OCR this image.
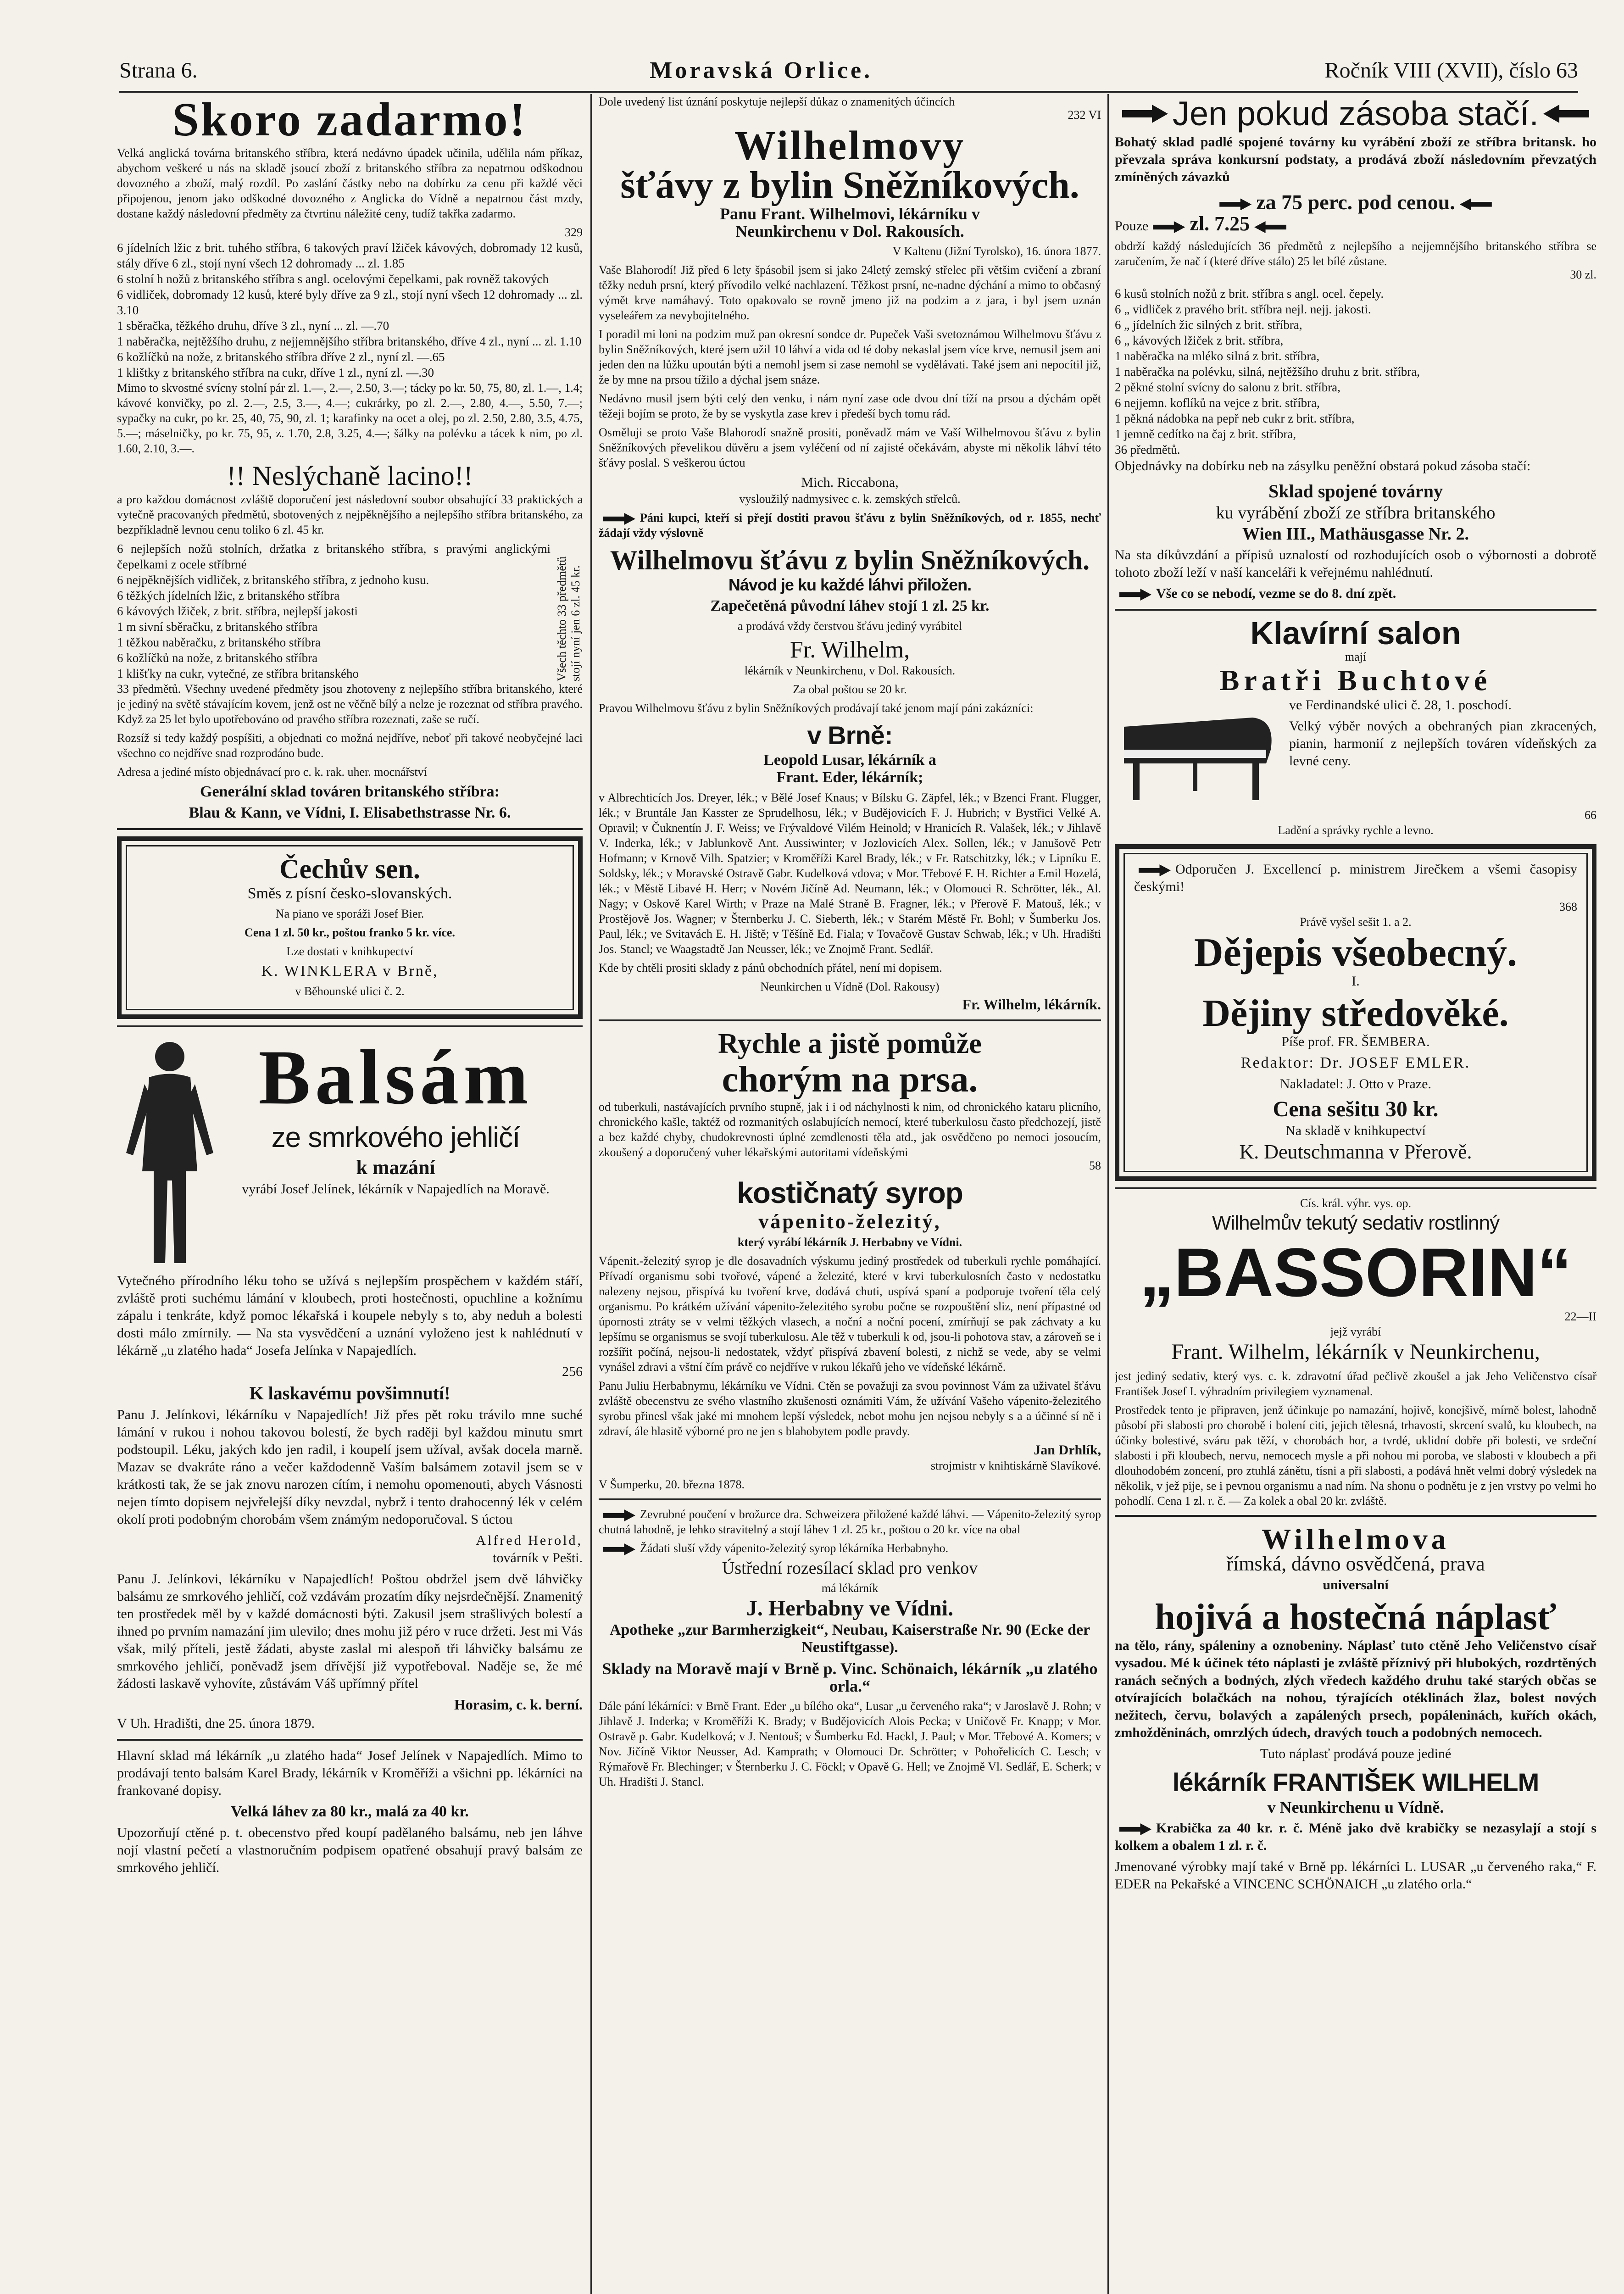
Strana 6.	Moravská Orlice.	Ročník VIII (XVII), číslo 63
Skoro zadarmo!

Velká anglická továrna britanského stříbra, která nedávno úpadek učinila, udělila nám příkaz, abychom veškeré u nás na skladě jsoucí zboží z britanského stříbra za nepatrnou odškodnou dovozného a zboží, malý rozdíl. Po zaslání částky nebo na dobírku za cenu při každé věci připojenou, jenom jako odškodné dovozného z Anglicka do Vídně a nepatrnou část mzdy, dostane každý následovní předměty za čtvrtinu náležité ceny, tudíž takřka zadarmo.

329

6 jídelních lžic z brit. tuhého stříbra, 6 takových praví lžiček kávových, dobromady 12 kusů, stály dříve 6 zl., stojí nyní všech 12 dohromady ... zl. 1.85
6 stolní h nožů z britanského stříbra s angl. ocelovými čepelkami, pak rovněž takových
6 vidliček, dobromady 12 kusů, které byly dříve za 9 zl., stojí nyní všech 12 dohromady ... zl. 3.10
1 sběračka, těžkého druhu, dříve 3 zl., nyní ... zl. —.70
1 naběračka, nejtěžšího druhu, z nejjemnějšího stříbra britanského, dříve 4 zl., nyní ... zl. 1.10
6 kožlíčků na nože, z britanského stříbra dříve 2 zl., nyní zl. —.65
1 klištky z britanského stříbra na cukr, dříve 1 zl., nyní zl. —.30

Mimo to skvostné svícny stolní pár zl. 1.—, 2.—, 2.50, 3.—; tácky po kr. 50, 75, 80, zl. 1.—, 1.4; kávové konvičky, po zl. 2.—, 2.5, 3.—, 4.—; cukrárky, po zl. 2.—, 2.80, 4.—, 5.50, 7.—; sypačky na cukr, po kr. 25, 40, 75, 90, zl. 1; karafinky na ocet a olej, po zl. 2.50, 2.80, 3.5, 4.75, 5.—; máselničky, po kr. 75, 95, z. 1.70, 2.8, 3.25, 4.—; šálky na polévku a tácek k nim, po zl. 1.60, 2.10, 3.—.

!! Neslýchaně lacino!!

a pro každou domácnost zvláště doporučení jest následovní soubor obsahující 33 praktických a vytečně pracovaných předmětů, sbotovených z nejpěknějšího a nejlepšího stříbra britanského, za bezpříkladně levnou cenu toliko 6 zl. 45 kr.

6 nejlepších nožů stolních, držatka z britanského stříbra, s pravými anglickými čepelkami z ocele stříbrné
6 nejpěknějších vidliček, z britanského stříbra, z jednoho kusu.
6 těžkých jídelních lžic, z britanského stříbra
6 kávových lžiček, z brit. stříbra, nejlepší jakosti
1 m sivní sběračku, z britanského stříbra
1 těžkou naběračku, z britanského stříbra
6 kožlíčků na nože, z britanského stříbra
1 klišťky na cukr, vytečné, ze stříbra britanského	Všech těchto 33 předmětů stojí nyní jen 6 zl. 45 kr.

33 předmětů. Všechny uvedené předměty jsou zhotoveny z nejlepšího stříbra britanského, které je jediný na světě stávajícím kovem, jenž ost ne věčně bílý a nelze je rozeznat od stříbra pravého. Když za 25 let bylo upotřebováno od pravého stříbra rozeznati, zaše se ručí.

Rozsíž si tedy každý pospíšiti, a objednati co možná nejdříve, neboť při takové neobyčejné laci všechno co nejdříve snad rozprodáno bude.

Adresa a jediné místo objednávací pro c. k. rak. uher. mocnářství

Generální sklad továren britanského stříbra:

Blau & Kann, ve Vídni, I. Elisabethstrasse Nr. 6.

Čechův sen.

Směs z písní česko-slovanských.

Na piano ve sporáži Josef Bier.

Cena 1 zl. 50 kr., poštou franko 5 kr. více.

Lze dostati v knihkupectví

K. WINKLERA v Brně,

v Běhounské ulici č. 2.

Balsám

ze smrkového jehličí

k mazání

vyrábí Josef Jelínek, lékárník v Napajedlích na Moravě.

Vytečného přírodního léku toho se užívá s nejlepším prospěchem v každém stáří, zvláště proti suchému lámání v kloubech, proti hostečnosti, opuchline a kožnímu zápalu i tenkráte, když pomoc lékařská i koupele nebyly s to, aby neduh a bolesti dosti málo zmírnily. — Na sta vysvědčení a uznání vyloženo jest k nahlédnutí v lékárně „u zlatého hada“ Josefa Jelínka v Napajedlích.

256

K laskavému povšimnutí!

Panu J. Jelínkovi, lékárníku v Napajedlích! Již přes pět roku trávilo mne suché lámání v rukou i nohou takovou bolestí, že bych raději byl každou minutu smrt podstoupil. Léku, jakých kdo jen radil, i koupelí jsem užíval, avšak docela marně. Mazav se dvakráte ráno a večer každodenně Vaším balsámem zotavil jsem se v krátkosti tak, že se jak znovu narozen cítím, i nemohu opomenouti, abych Vásnosti nejen tímto dopisem nejvřelejší díky nevzdal, nybrž i tento drahocenný lék v celém okolí proti podobným chorobám všem známým nedoporučoval. S úctou

Alfred Herold,

továrník v Pešti.

Panu J. Jelínkovi, lékárníku v Napajedlích! Poštou obdržel jsem dvě láhvičky balsámu ze smrkového jehličí, což vzdávám prozatím díky nejsrdečnější. Znamenitý ten prostředek měl by v každé domácnosti býti. Zakusil jsem strašlivých bolestí a ihned po prvním namazání jim ulevilo; dnes mohu již péro v ruce držeti. Jest mi Vás však, milý příteli, jestě žádati, abyste zaslal mi alespoň tři láhvičky balsámu ze smrkového jehličí, poněvadž jsem dřívější již vypotřeboval. Naděje se, že mé žádosti laskavě vyhovíte, zůstávám Váš upřímný přítel

Horasim, c. k. berní.

V Uh. Hradišti, dne 25. února 1879.

Hlavní sklad má lékárník „u zlatého hada“ Josef Jelínek v Napajedlích. Mimo to prodávají tento balsám Karel Brady, lékárník v Kroměříži a všichni pp. lékárníci na frankované dopisy.

Velká láhev za 80 kr., malá za 40 kr.

Upozorňují ctěné p. t. obecenstvo před koupí padělaného balsámu, neb jen láhve nojí vlastní pečetí a vlastnoručním podpisem opatřené obsahují pravý balsám ze smrkového jehličí.

Dole uvedený list úznání poskytuje nejlepší důkaz o znamenitých účincích

232 VI

Wilhelmovy
šťávy z bylin Sněžníkových.

Panu Frant. Wilhelmovi, lékárníku v

Neunkirchenu v Dol. Rakousích.

V Kaltenu (Jižní Tyrolsko), 16. února 1877.

Vaše Blahorodí! Již před 6 lety špásobil jsem si jako 24letý zemský střelec při většim cvičení a zbraní těžky neduh prsní, který přívodilo velké nachlazení. Těžkost prsní, ne-nadne dýchání a mimo to občasný výmět krve namáhavý. Toto opakovalo se rovně jmeno již na podzim a z jara, i byl jsem uznán vyseleářem za nevybojitelného.

I poradil mi loni na podzim muž pan okresní sondce dr. Pupeček Vaši svetoznámou Wilhelmovu šťávu z bylin Sněžníkových, které jsem užil 10 láhví a vida od té doby nekaslal jsem více krve, nemusil jsem ani jeden den na lůžku upoután býti a nemohl jsem si zase nemohl se vydělávati. Také jsem ani nepocítil již, že by mne na prsou tížilo a dýchal jsem snáze.

Nedávno musil jsem býti celý den venku, i nám nyní zase ode dvou dní tíží na prsou a dýchám opět těžeji bojím se proto, že by se vyskytla zase krev i předeší bych tomu rád.

Osměluji se proto Vaše Blahorodí snažně prositi, poněvadž mám ve Vaší Wilhelmovou šťávu z bylin Sněžníkových převelikou důvěru a jsem vyléčení od ní zajisté očekávám, abyste mi několik láhví této šťávy poslal. S veškerou úctou

Mich. Riccabona,

vysloužilý nadmysivec c. k. zemských střelců.

Páni kupci, kteří si přejí dostiti pravou šťávu z bylin Sněžníkových, od r. 1855, nechť žádají vždy výslovně

Wilhelmovu šťávu z bylin Sněžníkových.

Návod je ku každé láhvi přiložen.

Zapečetěná původní láhev stojí 1 zl. 25 kr.

a prodává vždy čerstvou šťávu jediný vyrábitel

Fr. Wilhelm,

lékárník v Neunkirchenu, v Dol. Rakousích.

Za obal poštou se 20 kr.

Pravou Wilhelmovu šťávu z bylin Sněžníkových prodávají také jenom mají páni zakázníci:

v Brně:

Leopold Lusar, lékárník a

Frant. Eder, lékárník;

v Albrechticích Jos. Dreyer, lék.; v Bělé Josef Knaus; v Bílsku G. Zäpfel, lék.; v Bzenci Frant. Flugger, lék.; v Bruntále Jan Kasster ze Sprudelhosu, lék.; v Budějovicích F. J. Hubrich; v Bystřici Velké A. Opravil; v Čuknentín J. F. Weiss; ve Frývaldové Vilém Heinold; v Hranicích R. Valašek, lék.; v Jihlavě V. Inderka, lék.; v Jablunkově Ant. Aussiwinter; v Jozlovicích Alex. Sollen, lék.; v Janušově Petr Hofmann; v Krnově Vilh. Spatzier; v Kroměříži Karel Brady, lék.; v Fr. Ratschitzky, lék.; v Lipníku E. Soldsky, lék.; v Moravské Ostravě Gabr. Kudelková vdova; v Mor. Třebové F. H. Richter a Emil Hozelá, lék.; v Městě Libavé H. Herr; v Novém Jičíně Ad. Neumann, lék.; v Olomouci R. Schrötter, lék., Al. Nagy; v Oskově Karel Wirth; v Praze na Malé Straně B. Fragner, lék.; v Přerově F. Matouš, lék.; v Prostějově Jos. Wagner; v Šternberku J. C. Sieberth, lék.; v Starém Městě Fr. Bohl; v Šumberku Jos. Paul, lék.; ve Svitavách E. H. Jiště; v Těšíně Ed. Fiala; v Tovačově Gustav Schwab, lék.; v Uh. Hradišti Jos. Stancl; ve Waagstadtě Jan Neusser, lék.; ve Znojmě Frant. Sedlář.

Kde by chtěli prositi sklady z pánů obchodních přátel, není mi dopisem.

Neunkirchen u Vídně (Dol. Rakousy)

Fr. Wilhelm, lékárník.

Rychle a jistě pomůže
chorým na prsa.

od tuberkuli, nastávajících prvního stupně, jak i i od náchylnosti k nim, od chronického kataru plicního, chronického kašle, taktéž od rozmanitých oslabujících nemocí, které tuberkulosu často předchozejí, jistě a bez každé chyby, chudokrevnosti úplné zemdlenosti těla atd., jak osvědčeno po nemoci josoucím, zkoušený a doporučený vuher lékařskými autoritami vídeňskými

58

kostičnatý syrop

vápenito-železitý,

který vyrábí lékárník J. Herbabny ve Vídni.

Vápenit.-železitý syrop je dle dosavadních výskumu jediný prostředek od tuberkuli rychle pomáhající. Přívadí organismu sobi tvořové, vápené a železité, které v krvi tuberkulosních často v nedostatku nalezeny nejsou, přispívá ku tvoření krve, dodává chuti, uspívá spaní a podporuje tvoření těla celý organismu. Po krátkém užívání vápenito-železitého syrobu počne se rozpouštění sliz, není přípastné od úpornosti ztráty se v velmi těžkých vlasech, a noční a noční pocení, zmírňují se pak záchvaty a ku lepšímu se organismus se svojí tuberkulosu. Ale těž v tuberkuli k od, jsou-li pohotova stav, a zároveň se i rozšířit počíná, nejsou-li nedostatek, vždyť přispívá zbavení bolesti, z nichž se vede, aby se velmi vynášel zdravi a vštní čím právě co nejdříve v rukou lékařů jeho ve vídeňské lékárně.

Panu Juliu Herbabnymu, lékárníku ve Vídni. Ctěn se považuji za svou povinnost Vám za uživatel šťávu zvláště obecenstvu ze svého vlastního zkušenosti oznámiti Vám, že užívání Vašeho vápenito-železitého syrobu přinesl však jaké mi mnohem lepší výsledek, nebot mohu jen nejsou nebyly s a a účinné sí ně i zdraví, ále hlasitě výborné pro ne jen s blahobytem podle pravdy.

Jan Drhlík,

strojmistr v knihtiskárně Slavíkové.

V Šumperku, 20. března 1878.

Zevrubné poučení v brožurce dra. Schweizera přiložené každé láhvi. — Vápenito-železitý syrop chutná lahodně, je lehko stravitelný a stojí láhev 1 zl. 25 kr., poštou o 20 kr. více na obal

Žádati sluší vždy vápenito-železitý syrop lékárníka Herbabnyho.

Ústřední rozesílací sklad pro venkov

má lékárník

J. Herbabny ve Vídni.

Apotheke „zur Barmherzigkeit“, Neubau, Kaiserstraße Nr. 90 (Ecke der Neustiftgasse).

Sklady na Moravě mají v Brně p. Vinc. Schönaich, lékárník „u zlatého orla.“

Dále pání lékárníci: v Brně Frant. Eder „u bílého oka“, Lusar „u červeného raka“; v Jaroslavě J. Rohn; v Jihlavě J. Inderka; v Kroměříži K. Brady; v Budějovicích Alois Pecka; v Uničově Fr. Knapp; v Mor. Ostravě p. Gabr. Kudelková; v J. Nentouš; v Šumberku Ed. Hackl, J. Paul; v Mor. Třebové A. Komers; v Nov. Jičíně Viktor Neusser, Ad. Kamprath; v Olomouci Dr. Schrötter; v Pohořelicích C. Lesch; v Rýmařově Fr. Blechinger; v Šternberku J. C. Föckl; v Opavě G. Hell; ve Znojmě Vl. Sedlář, E. Scherk; v Uh. Hradišti J. Stancl.

Jen pokud zásoba stačí.

Bohatý sklad padlé spojené továrny ku vyrábění zboží ze stříbra britansk. ho převzala správa konkursní podstaty, a prodává zboží následovním převzatých zmíněných závazků

za 75 perc. pod cenou.

Pouze zl. 7.25

obdrží každý následujících 36 předmětů z nejlepšího a nejjemnějšího britanského stříbra se zaručením, že nač í (které dříve stálo) 25 let bílé zůstane.

30 zl.

6 kusů stolních nožů z brit. stříbra s angl. ocel. čepely.
6 „ vidliček z pravého brit. stříbra nejl. nejj. jakosti.
6 „ jídelních žic silných z brit. stříbra,
6 „ kávových lžiček z brit. stříbra,
1 naběračka na mléko silná z brit. stříbra,
1 naběračka na polévku, silná, nejtěžšího druhu z brit. stříbra,
2 pěkné stolní svícny do salonu z brit. stříbra,
6 nejjemn. koflíků na vejce z brit. stříbra,
1 pěkná nádobka na pepř neb cukr z brit. stříbra,
1 jemně cedítko na čaj z brit. stříbra,
36 předmětů.

Objednávky na dobírku neb na zásylku peněžní obstará pokud zásoba stačí:

Sklad spojené továrny

ku vyrábění zboží ze stříbra britanského

Wien III., Mathäusgasse Nr. 2.

Na sta díkůvzdání a přípisů uznalostí od rozhodujících osob o výbornosti a dobrotě tohoto zboží leží v naší kanceláři k veřejnému nahlédnutí.

Vše co se nebodí, vezme se do 8. dní zpět.

Klavírní salon

mají

Bratři Buchtové

ve Ferdinandské ulici č. 28, 1. poschodí.

Velký výběr nových a obehraných pian zkracených, pianin, harmonií z nejlepších továren vídeňských za levné ceny.

66

Ladění a správky rychle a levno.

Odporučen J. Excellencí p. ministrem Jirečkem a všemi časopisy českými!

368

Právě vyšel sešit 1. a 2.

Dějepis všeobecný.

I.

Dějiny středověké.

Píše prof. FR. ŠEMBERA.

Redaktor: Dr. JOSEF EMLER.

Nakladatel: J. Otto v Praze.

Cena sešitu 30 kr.

Na skladě v knihkupectví

K. Deutschmanna v Přerově.

Cís. král. výhr. vys. op.

Wilhelmův tekutý sedativ rostlinný

„BASSORIN“

22—II

jejž vyrábí

Frant. Wilhelm, lékárník v Neunkirchenu,

jest jediný sedativ, který vys. c. k. zdravotní úřad pečlivě zkoušel a jak Jeho Veličenstvo císař František Josef I. výhradním privilegiem vyznamenal.

Prostředek tento je připraven, jenž účinkuje po namazání, hojivě, konejšivě, mírně bolest, lahodně působí při slabosti pro chorobě i bolení citi, jejich tělesná, trhavosti, skrcení svalů, ku kloubech, na účinky bolestivé, sváru pak těží, v chorobách hor, a tvrdé, uklidní dobře při bolesti, ve srdeční slabosti i při kloubech, nervu, nemocech mysle a při nohou mi poroba, ve slabosti v kloubech a při dlouhodobém zoncení, pro ztuhlá zánětu, tísni a při slabosti, a podává hnět velmi dobrý výsledek na několik, v jež pije, se i pevnou organismu a nad ním. Na shonu o podnětu je z jen vrstvy po velmi ho pohodlí. Cena 1 zl. r. č. — Za kolek a obal 20 kr. zvláště.

Wilhelmova

římská, dávno osvědčená, prava

universalní

hojivá a hostečná náplasť

na tělo, rány, spáleniny a oznobeniny. Náplasť tuto ctěně Jeho Veličenstvo císař vysadou. Mé k účinek této náplasti je zvláště příznivý při hlubokých, rozdrtěných ranách sečných a bodných, zlých vředech každého druhu také starých občas se otvírajících bolačkách na nohou, týrajících otéklinách žlaz, bolest nových nežitech, červu, bolavých a zapálených prsech, popáleninách, kuřích okách, zmhožděninách, omrzlých údech, dravých touch a podobných nemocech.

Tuto náplasť prodává pouze jediné

lékárník FRANTIŠEK WILHELM

v Neunkirchenu u Vídně.

Krabička za 40 kr. r. č. Méně jako dvě krabičky se nezasylají a stojí s kolkem a obalem 1 zl. r. č.

Jmenované výrobky mají také v Brně pp. lékárníci L. LUSAR „u červeného raka,“ F. EDER na Pekařské a VINCENC SCHÖNAICH „u zlatého orla.“
